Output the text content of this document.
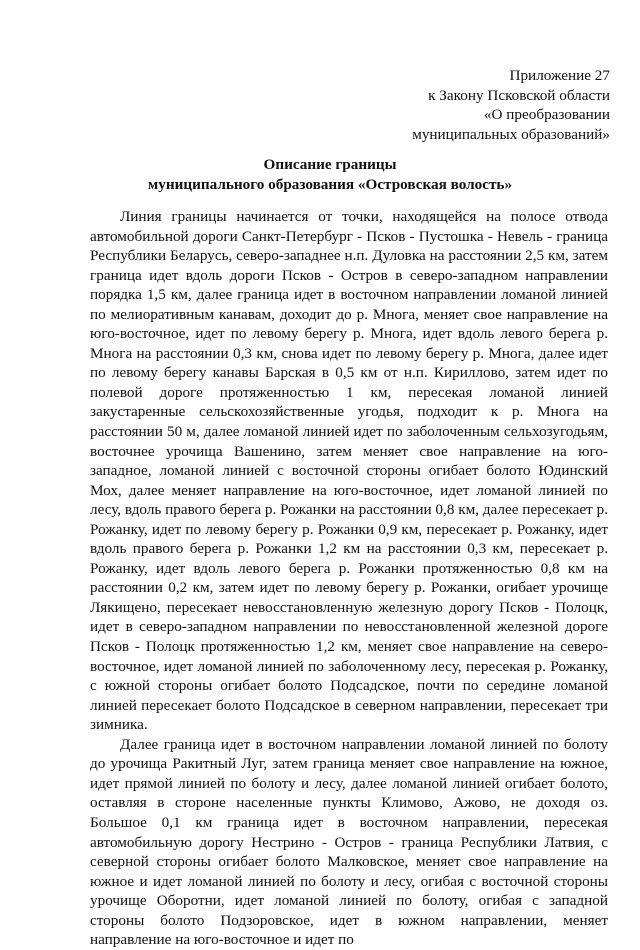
Приложение 27
к Закону Псковской области
«О преобразовании
муниципальных образований»
Описание границы
муниципального образования «Островская волость»

Линия границы начинается от точки, находящейся на полосе отвода автомобильной дороги Санкт-Петербург - Псков - Пустошка - Невель - граница Республики Беларусь, северо-западнее н.п. Дуловка на расстоянии 2,5 км, затем граница идет вдоль дороги Псков - Остров в северо-западном направлении порядка 1,5 км, далее граница идет в восточном направлении ломаной линией по мелиоративным канавам, доходит до р. Многа, меняет свое направление на юго-восточное, идет по левому берегу р. Многа, идет вдоль левого берега р. Многа на расстоянии 0,3 км, снова идет по левому берегу р. Многа, далее идет по левому берегу канавы Барская в 0,5 км от н.п. Кириллово, затем идет по полевой дороге протяженностью 1 км, пересекая ломаной линией закустаренные сельскохозяйственные угодья, подходит к р. Многа на расстоянии 50 м, далее ломаной линией идет по заболоченным сельхозугодьям, восточнее урочища Вашенино, затем меняет свое направление на юго-западное, ломаной линией с восточной стороны огибает болото Юдинский Мох, далее меняет направление на юго-восточное, идет ломаной линией по лесу, вдоль правого берега р. Рожанки на расстоянии 0,8 км, далее пересекает р. Рожанку, идет по левому берегу р. Рожанки 0,9 км, пересекает р. Рожанку, идет вдоль правого берега р. Рожанки 1,2 км на расстоянии 0,3 км, пересекает р. Рожанку, идет вдоль левого берега р. Рожанки протяженностью 0,8 км на расстоянии 0,2 км, затем идет по левому берегу р. Рожанки, огибает урочище Лякищено, пересекает невосстановленную железную дорогу Псков - Полоцк, идет в северо-западном направлении по невосстановленной железной дороге Псков - Полоцк протяженностью 1,2 км, меняет свое направление на северо-восточное, идет ломаной линией по заболоченному лесу, пересекая р. Рожанку, с южной стороны огибает болото Подсадское, почти по середине ломаной линией пересекает болото Подсадское в северном направлении, пересекает три зимника.

Далее граница идет в восточном направлении ломаной линией по болоту до урочища Ракитный Луг, затем граница меняет свое направление на южное, идет прямой линией по болоту и лесу, далее ломаной линией огибает болото, оставляя в стороне населенные пункты Климово, Ажово, не доходя оз. Большое 0,1 км граница идет в восточном направлении, пересекая автомобильную дорогу Нестрино - Остров - граница Республики Латвия, с северной стороны огибает болото Малковское, меняет свое направление на южное и идет ломаной линией по болоту и лесу, огибая с восточной стороны урочище Оборотни, идет ломаной линией по болоту, огибая с западной стороны болото Подзоровское, идет в южном направлении, меняет направление на юго-восточное и идет по
